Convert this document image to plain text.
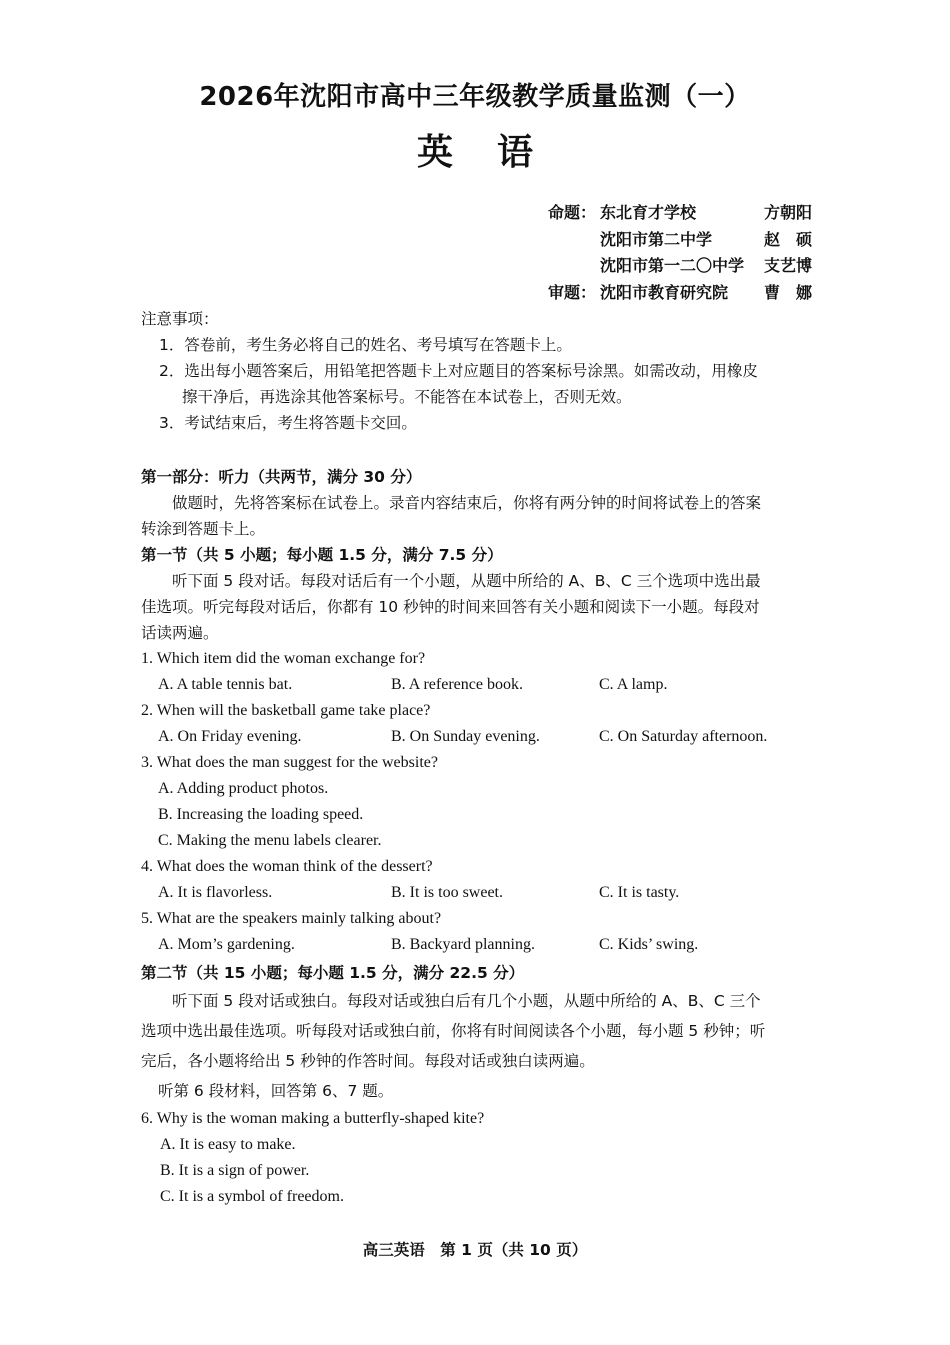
2026年沈阳市高中三年级教学质量监测（一）
英语
命题： 东北育才学校	方朝阳
沈阳市第二中学	赵　硕
沈阳市第一二〇中学	支艺博
审题： 沈阳市教育研究院	曹　娜
注意事项：
1．答卷前，考生务必将自己的姓名、考号填写在答题卡上。
2．选出每小题答案后，用铅笔把答题卡上对应题目的答案标号涂黑。如需改动，用橡皮
擦干净后，再选涂其他答案标号。不能答在本试卷上，否则无效。
3．考试结束后，考生将答题卡交回。
第一部分：听力（共两节，满分 30 分）
做题时，先将答案标在试卷上。录音内容结束后，你将有两分钟的时间将试卷上的答案
转涂到答题卡上。
第一节（共 5 小题；每小题 1.5 分，满分 7.5 分）
听下面 5 段对话。每段对话后有一个小题，从题中所给的 A、B、C 三个选项中选出最
佳选项。听完每段对话后，你都有 10 秒钟的时间来回答有关小题和阅读下一小题。每段对
话读两遍。
1. Which item did the woman exchange for?
A. A table tennis bat.	B. A reference book.	C. A lamp.
2. When will the basketball game take place?
A. On Friday evening.	B. On Sunday evening.	C. On Saturday afternoon.
3. What does the man suggest for the website?
A. Adding product photos.
B. Increasing the loading speed.
C. Making the menu labels clearer.
4. What does the woman think of the dessert?
A. It is flavorless.	B. It is too sweet.	C. It is tasty.
5. What are the speakers mainly talking about?
A. Mom’s gardening.	B. Backyard planning.	C. Kids’ swing.
第二节（共 15 小题；每小题 1.5 分，满分 22.5 分）
听下面 5 段对话或独白。每段对话或独白后有几个小题，从题中所给的 A、B、C 三个
选项中选出最佳选项。听每段对话或独白前，你将有时间阅读各个小题，每小题 5 秒钟；听
完后，各小题将给出 5 秒钟的作答时间。每段对话或独白读两遍。
听第 6 段材料，回答第 6、7 题。
6. Why is the woman making a butterfly-shaped kite?
A. It is easy to make.
B. It is a sign of power.
C. It is a symbol of freedom.
高三英语　第 1 页（共 10 页）
